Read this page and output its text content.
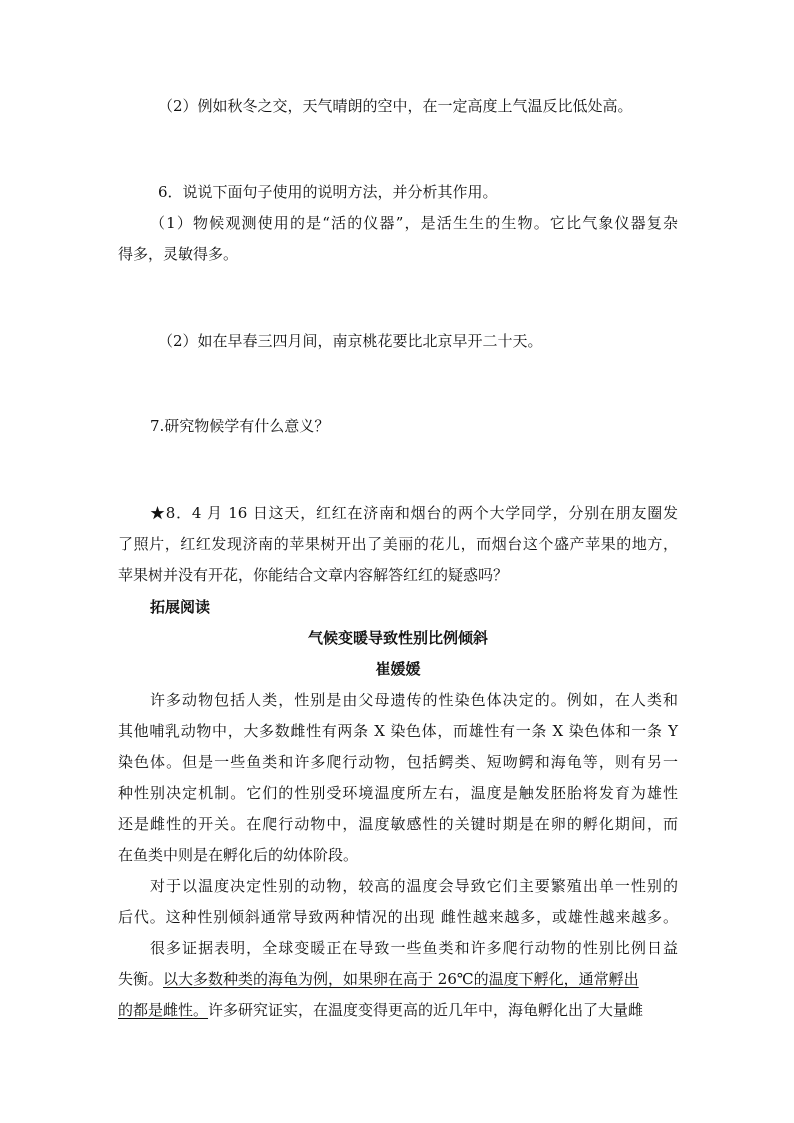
（2）例如秋冬之交，天气晴朗的空中，在一定高度上气温反比低处高。
6．说说下面句子使用的说明方法，并分析其作用。
（1）物候观测使用的是“活的仪器”，是活生生的生物。它比气象仪器复杂
得多，灵敏得多。
（2）如在早春三四月间，南京桃花要比北京早开二十天。
7.研究物候学有什么意义？
★8．4 月 16 日这天，红红在济南和烟台的两个大学同学，分别在朋友圈发
了照片，红红发现济南的苹果树开出了美丽的花儿，而烟台这个盛产苹果的地方，
苹果树并没有开花，你能结合文章内容解答红红的疑惑吗？
拓展阅读
气候变暖导致性别比例倾斜
崔媛媛
许多动物包括人类，性别是由父母遗传的性染色体决定的。例如，在人类和
其他哺乳动物中，大多数雌性有两条 X 染色体，而雄性有一条 X 染色体和一条 Y
染色体。但是一些鱼类和许多爬行动物，包括鳄类、短吻鳄和海龟等，则有另一
种性别决定机制。它们的性别受环境温度所左右，温度是触发胚胎将发育为雄性
还是雌性的开关。在爬行动物中，温度敏感性的关键时期是在卵的孵化期间，而
在鱼类中则是在孵化后的幼体阶段。
对于以温度决定性别的动物，较高的温度会导致它们主要繁殖出单一性别的
后代。这种性别倾斜通常导致两种情况的出现 雌性越来越多，或雄性越来越多。
很多证据表明，全球变暖正在导致一些鱼类和许多爬行动物的性别比例日益
失衡。以大多数种类的海龟为例，如果卵在高于 26℃的温度下孵化，通常孵出
的都是雌性。许多研究证实，在温度变得更高的近几年中，海龟孵化出了大量雌
